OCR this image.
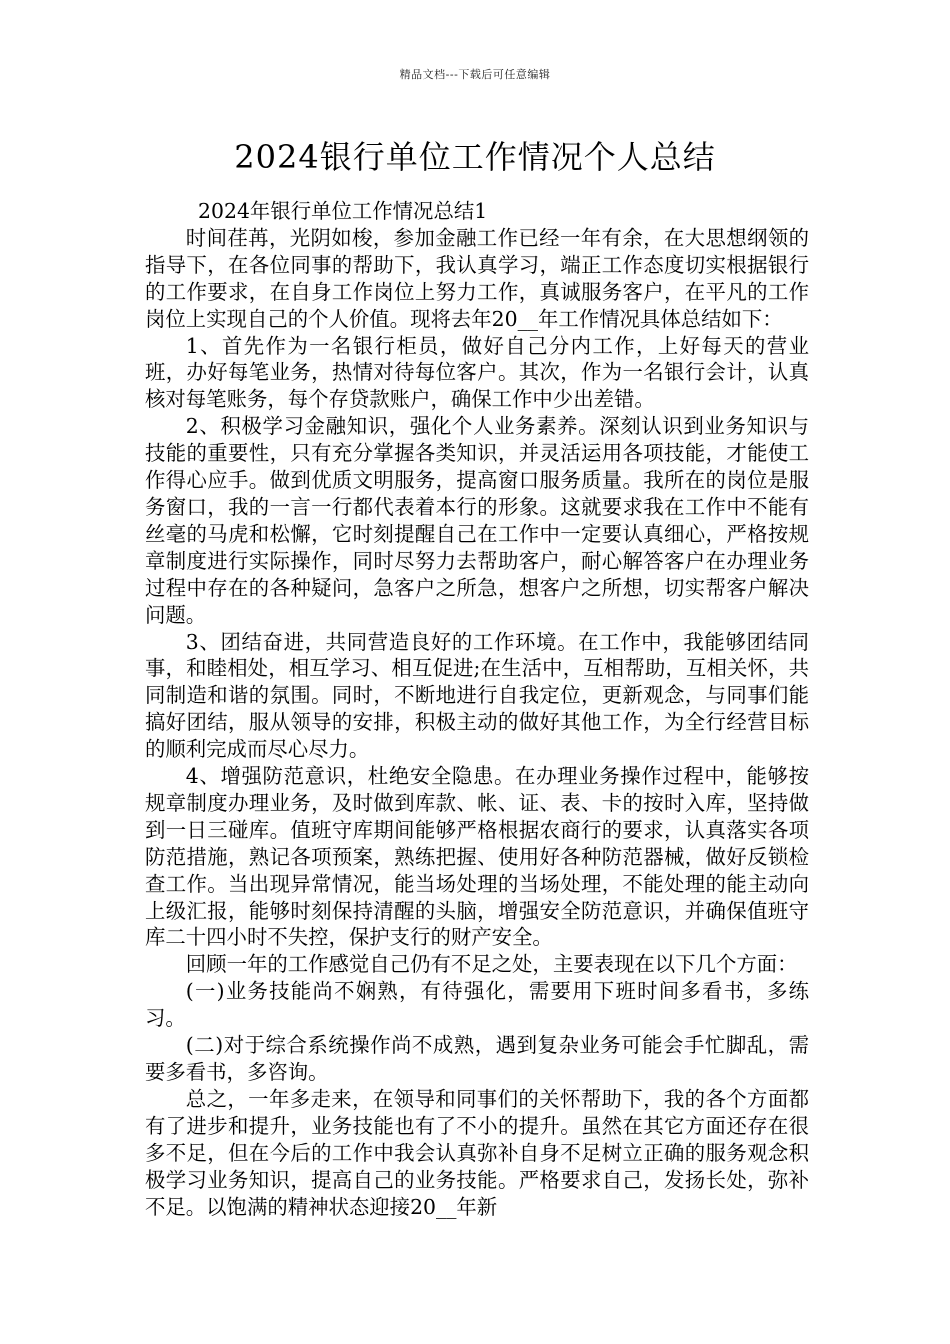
精品文档---下载后可任意编辑
2024银行单位工作情况个人总结

2024年银行单位工作情况总结1

时间荏苒，光阴如梭，参加金融工作已经一年有余，在大思想纲领的指导下，在各位同事的帮助下，我认真学习，端正工作态度切实根据银行的工作要求，在自身工作岗位上努力工作，真诚服务客户，在平凡的工作岗位上实现自己的个人价值。现将去年20__年工作情况具体总结如下：

1、首先作为一名银行柜员，做好自己分内工作，上好每天的营业班，办好每笔业务，热情对待每位客户。其次，作为一名银行会计，认真核对每笔账务，每个存贷款账户，确保工作中少出差错。

2、积极学习金融知识，强化个人业务素养。深刻认识到业务知识与技能的重要性，只有充分掌握各类知识，并灵活运用各项技能，才能使工作得心应手。做到优质文明服务，提高窗口服务质量。我所在的岗位是服务窗口，我的一言一行都代表着本行的形象。这就要求我在工作中不能有丝毫的马虎和松懈，它时刻提醒自己在工作中一定要认真细心，严格按规章制度进行实际操作，同时尽努力去帮助客户，耐心解答客户在办理业务过程中存在的各种疑问，急客户之所急，想客户之所想，切实帮客户解决问题。

3、团结奋进，共同营造良好的工作环境。在工作中，我能够团结同事，和睦相处，相互学习、相互促进;在生活中，互相帮助，互相关怀，共同制造和谐的氛围。同时，不断地进行自我定位，更新观念，与同事们能搞好团结，服从领导的安排，积极主动的做好其他工作，为全行经营目标的顺利完成而尽心尽力。

4、增强防范意识，杜绝安全隐患。在办理业务操作过程中，能够按规章制度办理业务，及时做到库款、帐、证、表、卡的按时入库，坚持做到一日三碰库。值班守库期间能够严格根据农商行的要求，认真落实各项防范措施，熟记各项预案，熟练把握、使用好各种防范器械，做好反锁检查工作。当出现异常情况，能当场处理的当场处理，不能处理的能主动向上级汇报，能够时刻保持清醒的头脑，增强安全防范意识，并确保值班守库二十四小时不失控，保护支行的财产安全。

回顾一年的工作感觉自己仍有不足之处，主要表现在以下几个方面：

(一)业务技能尚不娴熟，有待强化，需要用下班时间多看书，多练习。

(二)对于综合系统操作尚不成熟，遇到复杂业务可能会手忙脚乱，需要多看书，多咨询。

总之，一年多走来，在领导和同事们的关怀帮助下，我的各个方面都有了进步和提升，业务技能也有了不小的提升。虽然在其它方面还存在很多不足，但在今后的工作中我会认真弥补自身不足树立正确的服务观念积极学习业务知识，提高自己的业务技能。严格要求自己，发扬长处，弥补不足。以饱满的精神状态迎接20__年新
